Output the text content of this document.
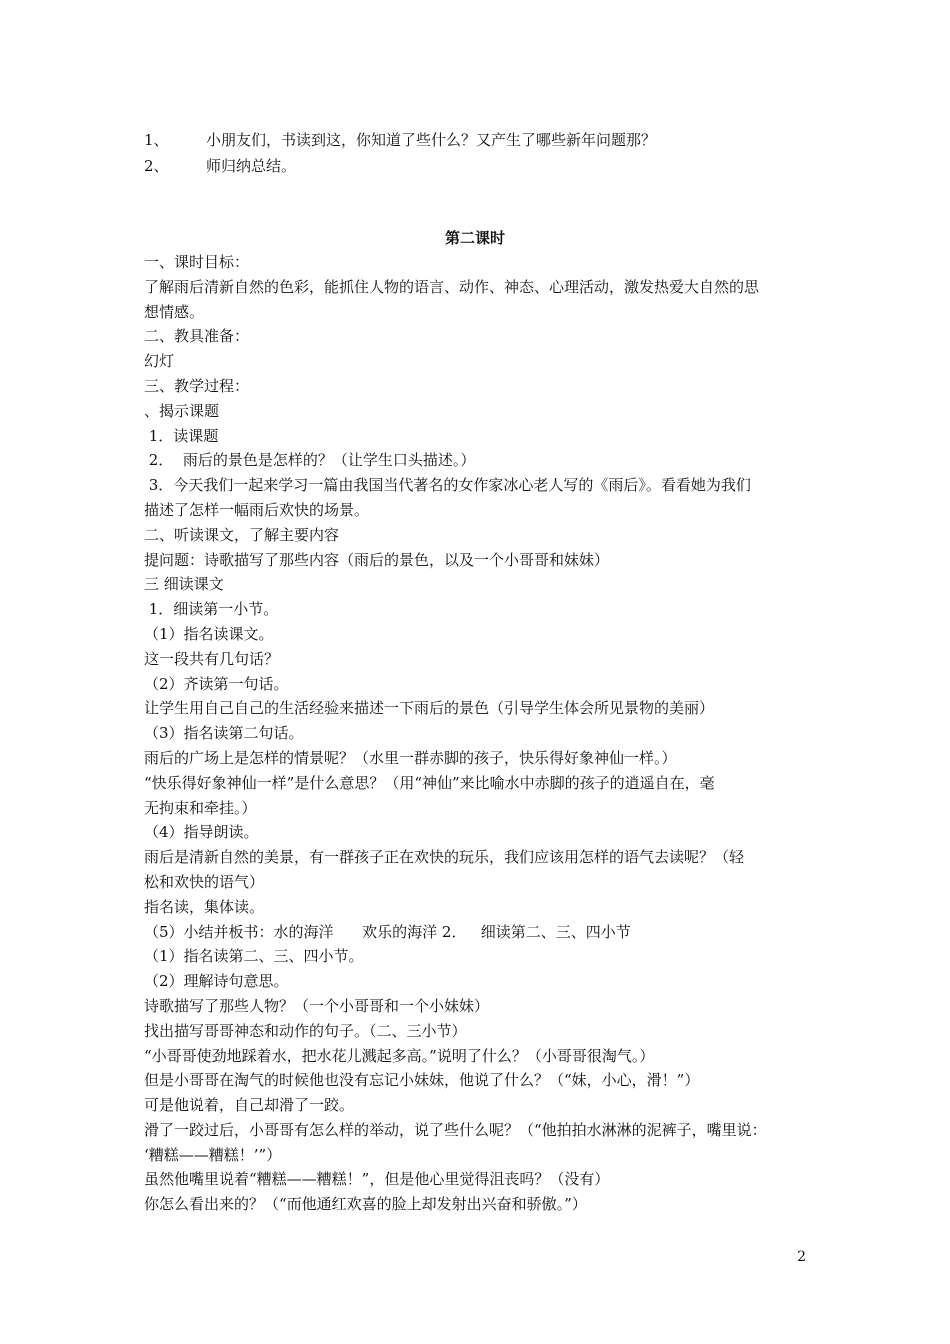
1、	小朋友们，书读到这，你知道了些什么？又产生了哪些新年问题那？
2、	师归纳总结。
第二课时
一、课时目标：
了解雨后清新自然的色彩，能抓住人物的语言、动作、神态、心理活动，激发热爱大自然的思
想情感。
二、教具准备：
幻灯
三、教学过程：
、揭示课题
1．读课题
2．  雨后的景色是怎样的？（让学生口头描述。）
3．今天我们一起来学习一篇由我国当代著名的女作家冰心老人写的《雨后》。看看她为我们
描述了怎样一幅雨后欢快的场景。
二、听读课文，了解主要内容
提问题：诗歌描写了那些内容（雨后的景色，以及一个小哥哥和妹妹）
三 细读课文
1．细读第一小节。
（1）指名读课文。
这一段共有几句话？
（2）齐读第一句话。
让学生用自己自己的生活经验来描述一下雨后的景色（引导学生体会所见景物的美丽）
（3）指名读第二句话。
雨后的广场上是怎样的情景呢？（水里一群赤脚的孩子，快乐得好象神仙一样。）
“快乐得好象神仙一样”是什么意思？（用“神仙”来比喻水中赤脚的孩子的逍遥自在，毫
无拘束和牵挂。）
（4）指导朗读。
雨后是清新自然的美景，有一群孩子正在欢快的玩乐，我们应该用怎样的语气去读呢？（轻
松和欢快的语气）
指名读，集体读。
（5）小结并板书：水的海洋      欢乐的海洋 2．   细读第二、三、四小节
（1）指名读第二、三、四小节。
（2）理解诗句意思。
诗歌描写了那些人物？（一个小哥哥和一个小妹妹）
找出描写哥哥神态和动作的句子。（二、三小节）
“小哥哥使劲地踩着水，把水花儿溅起多高。”说明了什么？（小哥哥很淘气。）
但是小哥哥在淘气的时候他也没有忘记小妹妹，他说了什么？（“妹，小心，滑！”）
可是他说着，自己却滑了一跤。
滑了一跤过后，小哥哥有怎么样的举动，说了些什么呢？（“他拍拍水淋淋的泥裤子，嘴里说：
‘糟糕——糟糕！’”）
虽然他嘴里说着“糟糕——糟糕！”，但是他心里觉得沮丧吗？（没有）
你怎么看出来的？（“而他通红欢喜的脸上却发射出兴奋和骄傲。”）
2
